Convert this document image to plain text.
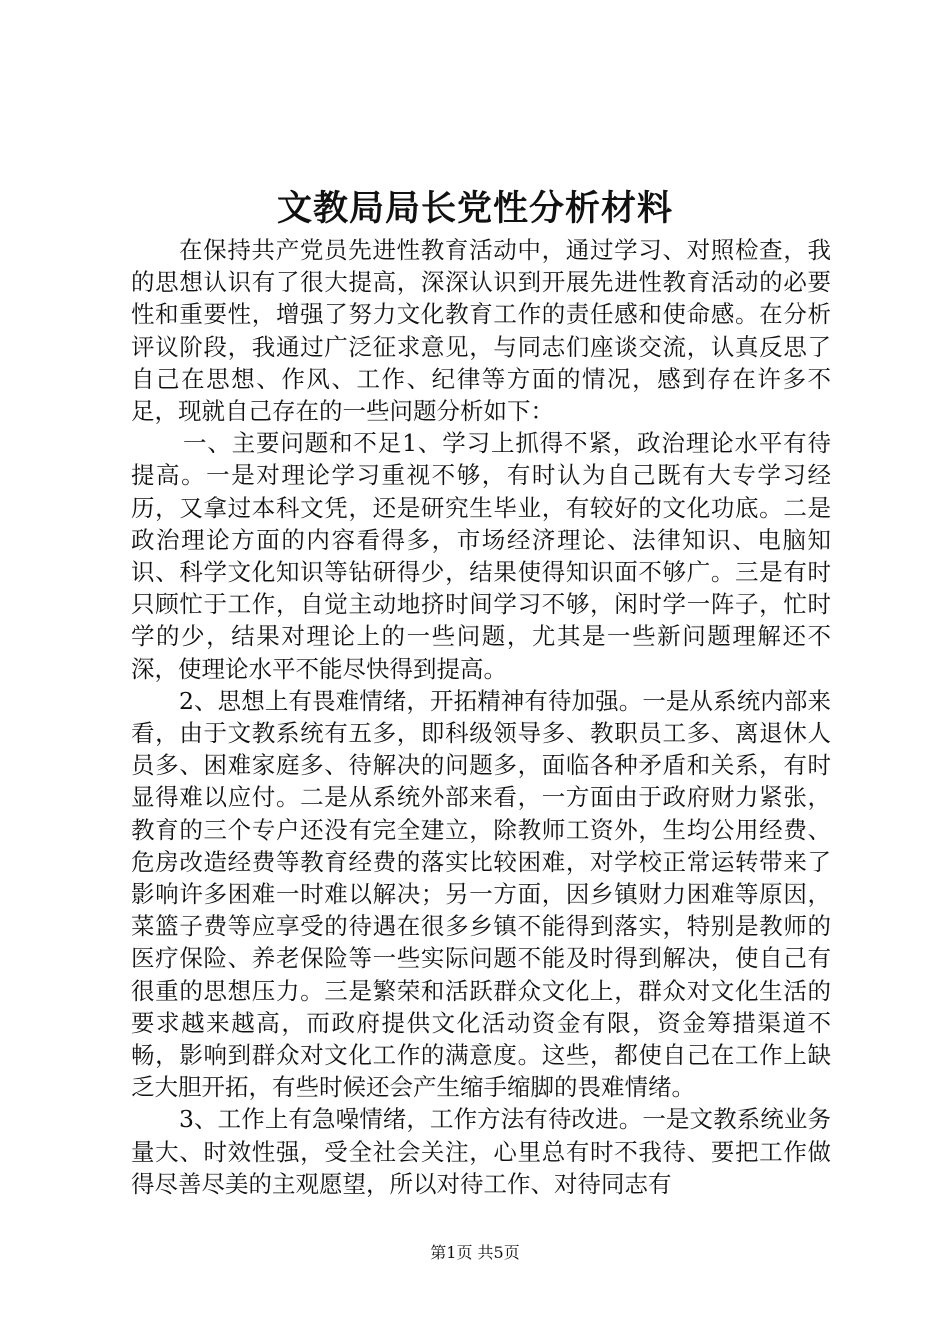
文教局局长党性分析材料

在保持共产党员先进性教育活动中，通过学习、对照检查，我的思想认识有了很大提高，深深认识到开展先进性教育活动的必要性和重要性，增强了努力文化教育工作的责任感和使命感。在分析评议阶段，我通过广泛征求意见，与同志们座谈交流，认真反思了自己在思想、作风、工作、纪律等方面的情况，感到存在许多不足，现就自己存在的一些问题分析如下：

一、主要问题和不足1、学习上抓得不紧，政治理论水平有待提高。一是对理论学习重视不够，有时认为自己既有大专学习经历，又拿过本科文凭，还是研究生毕业，有较好的文化功底。二是政治理论方面的内容看得多，市场经济理论、法律知识、电脑知识、科学文化知识等钻研得少，结果使得知识面不够广。三是有时只顾忙于工作，自觉主动地挤时间学习不够，闲时学一阵子，忙时学的少，结果对理论上的一些问题，尤其是一些新问题理解还不深，使理论水平不能尽快得到提高。

2、思想上有畏难情绪，开拓精神有待加强。一是从系统内部来看，由于文教系统有五多，即科级领导多、教职员工多、离退休人员多、困难家庭多、待解决的问题多，面临各种矛盾和关系，有时显得难以应付。二是从系统外部来看，一方面由于政府财力紧张，教育的三个专户还没有完全建立，除教师工资外，生均公用经费、危房改造经费等教育经费的落实比较困难，对学校正常运转带来了影响许多困难一时难以解决；另一方面，因乡镇财力困难等原因，菜篮子费等应享受的待遇在很多乡镇不能得到落实，特别是教师的医疗保险、养老保险等一些实际问题不能及时得到解决，使自己有很重的思想压力。三是繁荣和活跃群众文化上，群众对文化生活的要求越来越高，而政府提供文化活动资金有限，资金筹措渠道不畅，影响到群众对文化工作的满意度。这些，都使自己在工作上缺乏大胆开拓，有些时候还会产生缩手缩脚的畏难情绪。

3、工作上有急噪情绪，工作方法有待改进。一是文教系统业务量大、时效性强，受全社会关注，心里总有时不我待、要把工作做得尽善尽美的主观愿望，所以对待工作、对待同志有

第1页 共5页
